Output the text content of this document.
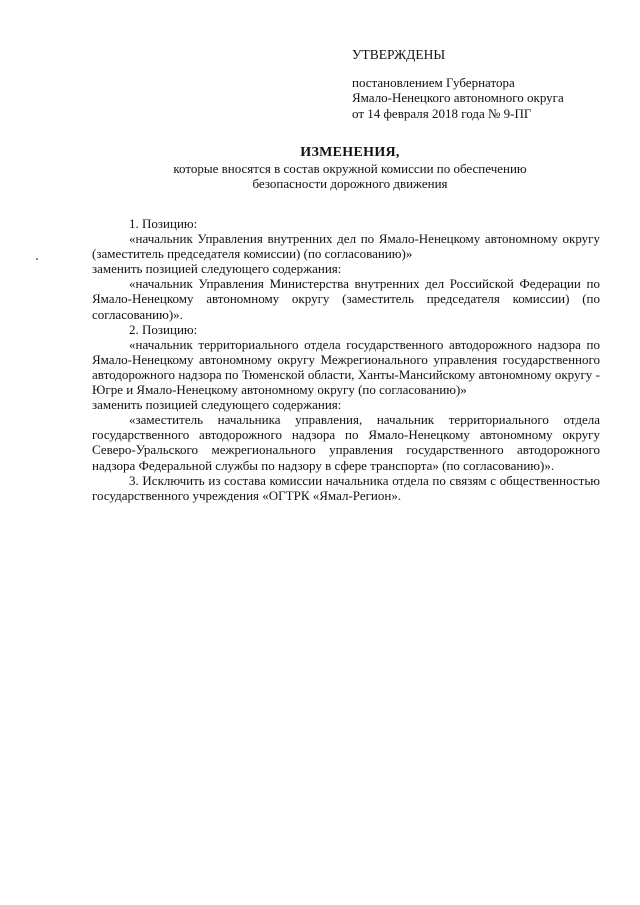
УТВЕРЖДЕНЫ
постановлением Губернатора
Ямало-Ненецкого автономного округа
от 14 февраля 2018 года № 9-ПГ
ИЗМЕНЕНИЯ,
которые вносятся в состав окружной комиссии по обеспечению
безопасности дорожного движения

1. Позицию:

«начальник Управления внутренних дел по Ямало-Ненецкому автономному округу (заместитель председателя комиссии) (по согласованию)»

заменить позицией следующего содержания:

«начальник Управления Министерства внутренних дел Российской Федерации по Ямало-Ненецкому автономному округу (заместитель председателя комиссии) (по согласованию)».

2. Позицию:

«начальник территориального отдела государственного автодорожного надзора по Ямало-Ненецкому автономному округу Межрегионального управления государственного автодорожного надзора по Тюменской области, Ханты-Мансийскому автономному округу - Югре и Ямало-Ненецкому автономному округу (по согласованию)»

заменить позицией следующего содержания:

«заместитель начальника управления, начальник территориального отдела государственного автодорожного надзора по Ямало-Ненецкому автономному округу Северо-Уральского межрегионального управления государственного автодорожного надзора Федеральной службы по надзору в сфере транспорта» (по согласованию)».

3. Исключить из состава комиссии начальника отдела по связям с общественностью государственного учреждения «ОГТРК «Ямал-Регион».
